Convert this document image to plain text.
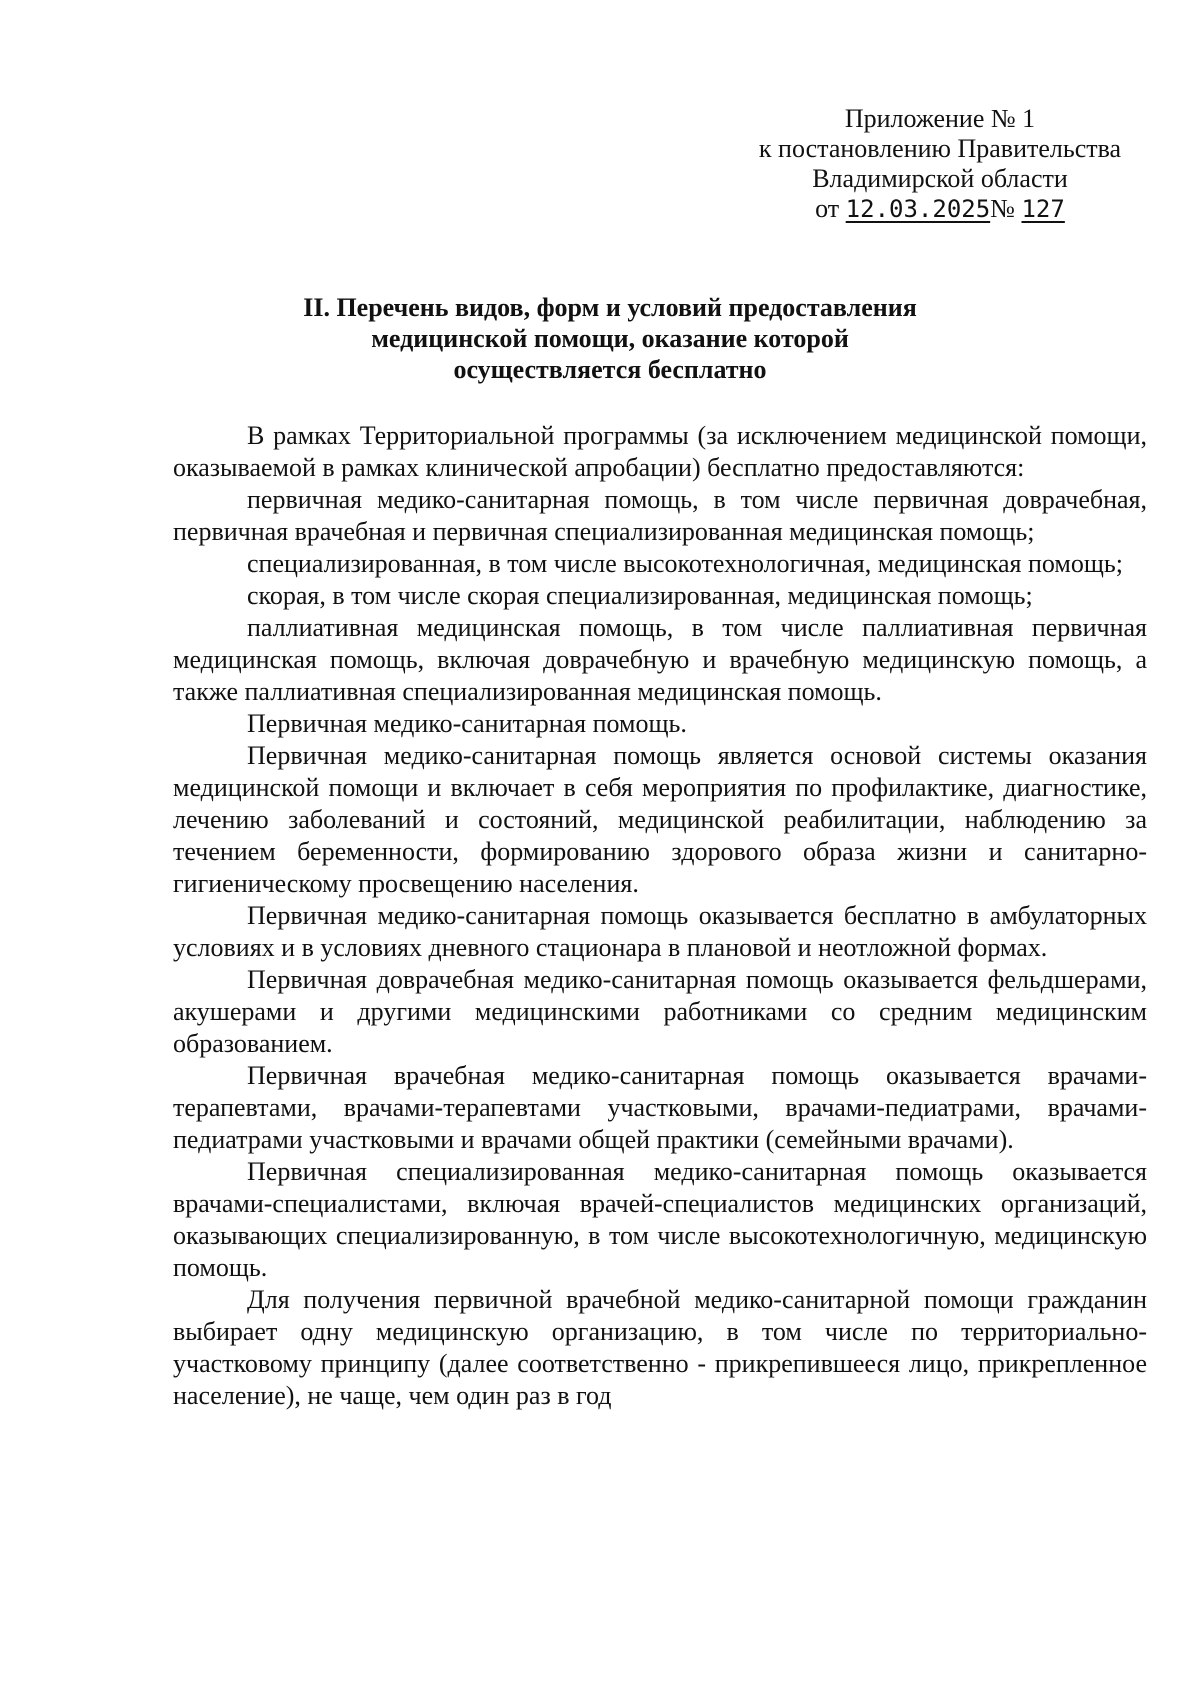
Приложение № 1
к постановлению Правительства
Владимирской области
от 12.03.2025№ 127
II. Перечень видов, форм и условий предоставления
медицинской помощи, оказание которой
осуществляется бесплатно

В рамках Территориальной программы (за исключением медицинской помощи, оказываемой в рамках клинической апробации) бесплатно предоставляются:

первичная медико-санитарная помощь, в том числе первичная доврачебная, первичная врачебная и первичная специализированная медицинская помощь;

специализированная, в том числе высокотехнологичная, медицинская помощь;

скорая, в том числе скорая специализированная, медицинская помощь;

паллиативная медицинская помощь, в том числе паллиативная первичная медицинская помощь, включая доврачебную и врачебную медицинскую помощь, а также паллиативная специализированная медицинская помощь.

Первичная медико-санитарная помощь.

Первичная медико-санитарная помощь является основой системы оказания медицинской помощи и включает в себя мероприятия по профилактике, диагностике, лечению заболеваний и состояний, медицинской реабилитации, наблюдению за течением беременности, формированию здорового образа жизни и санитарно-гигиеническому просвещению населения.

Первичная медико-санитарная помощь оказывается бесплатно в амбулаторных условиях и в условиях дневного стационара в плановой и неотложной формах.

Первичная доврачебная медико-санитарная помощь оказывается фельдшерами, акушерами и другими медицинскими работниками со средним медицинским образованием.

Первичная врачебная медико-санитарная помощь оказывается врачами-терапевтами, врачами-терапевтами участковыми, врачами-педиатрами, врачами-педиатрами участковыми и врачами общей практики (семейными врачами).

Первичная специализированная медико-санитарная помощь оказывается врачами-специалистами, включая врачей-специалистов медицинских организаций, оказывающих специализированную, в том числе высокотехнологичную, медицинскую помощь.

Для получения первичной врачебной медико-санитарной помощи гражданин выбирает одну медицинскую организацию, в том числе по территориально-участковому принципу (далее соответственно - прикрепившееся лицо, прикрепленное население), не чаще, чем один раз в год
